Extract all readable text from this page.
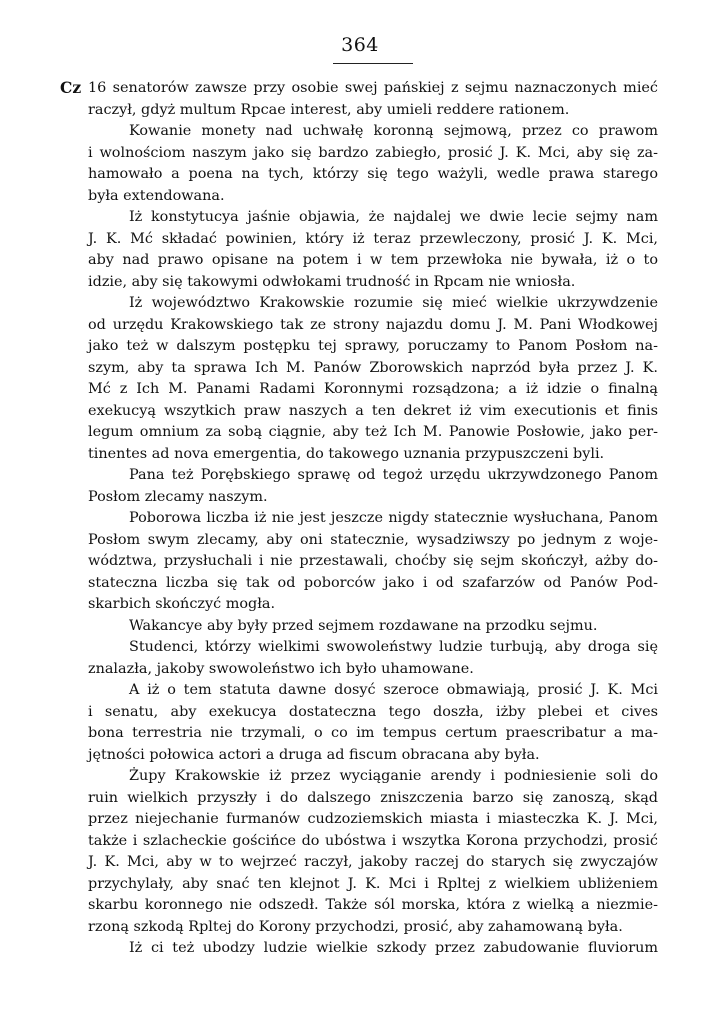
364
Cz 16 senatorów zawsze przy osobie swej pańskiej z sejmu naznaczonych mieć
raczył, gdyż multum Rpcae interest, aby umieli reddere rationem.
Kowanie monety nad uchwałę koronną sejmową, przez co prawom
i wolnościom naszym jako się bardzo zabiegło, prosić J. K. Mci, aby się za-
hamowało a poena na tych, którzy się tego ważyli, wedle prawa starego
była extendowana.
Iż konstytucya jaśnie objawia, że najdalej we dwie lecie sejmy nam
J. K. Mć składać powinien, który iż teraz przewleczony, prosić J. K. Mci,
aby nad prawo opisane na potem i w tem przewłoka nie bywała, iż o to
idzie, aby się takowymi odwłokami trudność in Rpcam nie wniosła.
Iż województwo Krakowskie rozumie się mieć wielkie ukrzywdzenie
od urzędu Krakowskiego tak ze strony najazdu domu J. M. Pani Włodkowej
jako też w dalszym postępku tej sprawy, poruczamy to Panom Posłom na-
szym, aby ta sprawa Ich M. Panów Zborowskich naprzód była przez J. K.
Mć z Ich M. Panami Radami Koronnymi rozsądzona; a iż idzie o finalną
exekucyą wszytkich praw naszych a ten dekret iż vim executionis et finis
legum omnium za sobą ciągnie, aby też Ich M. Panowie Posłowie, jako per-
tinentes ad nova emergentia, do takowego uznania przypuszczeni byli.
Pana też Porębskiego sprawę od tegoż urzędu ukrzywdzonego Panom
Posłom zlecamy naszym.
Poborowa liczba iż nie jest jeszcze nigdy statecznie wysłuchana, Panom
Posłom swym zlecamy, aby oni statecznie, wysadziwszy po jednym z woje-
wództwa, przysłuchali i nie przestawali, choćby się sejm skończył, ażby do-
stateczna liczba się tak od poborców jako i od szafarzów od Panów Pod-
skarbich skończyć mogła.
Wakancye aby były przed sejmem rozdawane na przodku sejmu.
Studenci, którzy wielkimi swowoleństwy ludzie turbują, aby droga się
znalazła, jakoby swowoleństwo ich było uhamowane.
A iż o tem statuta dawne dosyć szeroce obmawiają, prosić J. K. Mci
i senatu, aby exekucya dostateczna tego doszła, iżby plebei et cives
bona terrestria nie trzymali, o co im tempus certum praescribatur a ma-
jętności połowica actori a druga ad fiscum obracana aby była.
Żupy Krakowskie iż przez wyciąganie arendy i podniesienie soli do
ruin wielkich przyszły i do dalszego zniszczenia barzo się zanoszą, skąd
przez niejechanie furmanów cudzoziemskich miasta i miasteczka K. J. Mci,
także i szlacheckie gościńce do ubóstwa i wszytka Korona przychodzi, prosić
J. K. Mci, aby w to wejrzeć raczył, jakoby raczej do starych się zwyczajów
przychylały, aby snać ten klejnot J. K. Mci i Rpltej z wielkiem ubliżeniem
skarbu koronnego nie odszedł. Także sól morska, która z wielką a niezmie-
rzoną szkodą Rpltej do Korony przychodzi, prosić, aby zahamowaną była.
Iż ci też ubodzy ludzie wielkie szkody przez zabudowanie fluviorum
